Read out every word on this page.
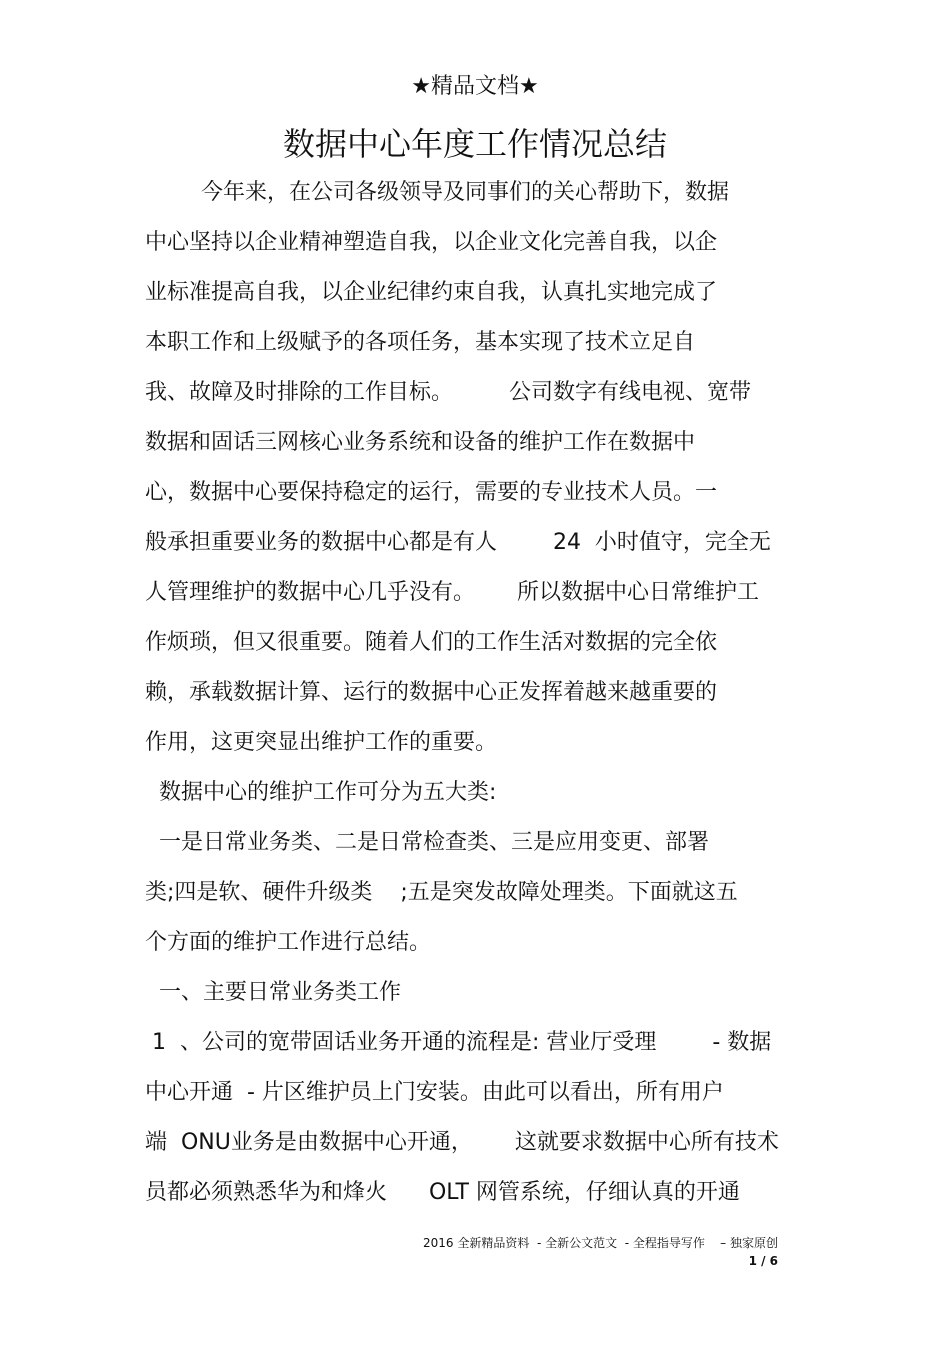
★精品文档★
数据中心年度工作情况总结
今年来，在公司各级领导及同事们的关心帮助下，数据
中心坚持以企业精神塑造自我，以企业文化完善自我，以企
业标准提高自我，以企业纪律约束自我，认真扎实地完成了
本职工作和上级赋予的各项任务，基本实现了技术立足自
我、故障及时排除的工作目标。        公司数字有线电视、宽带
数据和固话三网核心业务系统和设备的维护工作在数据中
心，数据中心要保持稳定的运行，需要的专业技术人员。一
般承担重要业务的数据中心都是有人        24  小时值守，完全无
人管理维护的数据中心几乎没有。      所以数据中心日常维护工
作烦琐，但又很重要。随着人们的工作生活对数据的完全依
赖，承载数据计算、运行的数据中心正发挥着越来越重要的
作用，这更突显出维护工作的重要。
数据中心的维护工作可分为五大类:
一是日常业务类、二是日常检查类、三是应用变更、部署
类;四是软、硬件升级类    ;五是突发故障处理类。下面就这五
个方面的维护工作进行总结。
一、主要日常业务类工作
1  、公司的宽带固话业务开通的流程是: 营业厅受理        - 数据
中心开通  - 片区维护员上门安装。由此可以看出，所有用户
端  ONU业务是由数据中心开通，      这就要求数据中心所有技术
员都必须熟悉华为和烽火      OLT 网管系统，仔细认真的开通
2016 全新精品资料  - 全新公文范文  - 全程指导写作    – 独家原创
1 / 6
